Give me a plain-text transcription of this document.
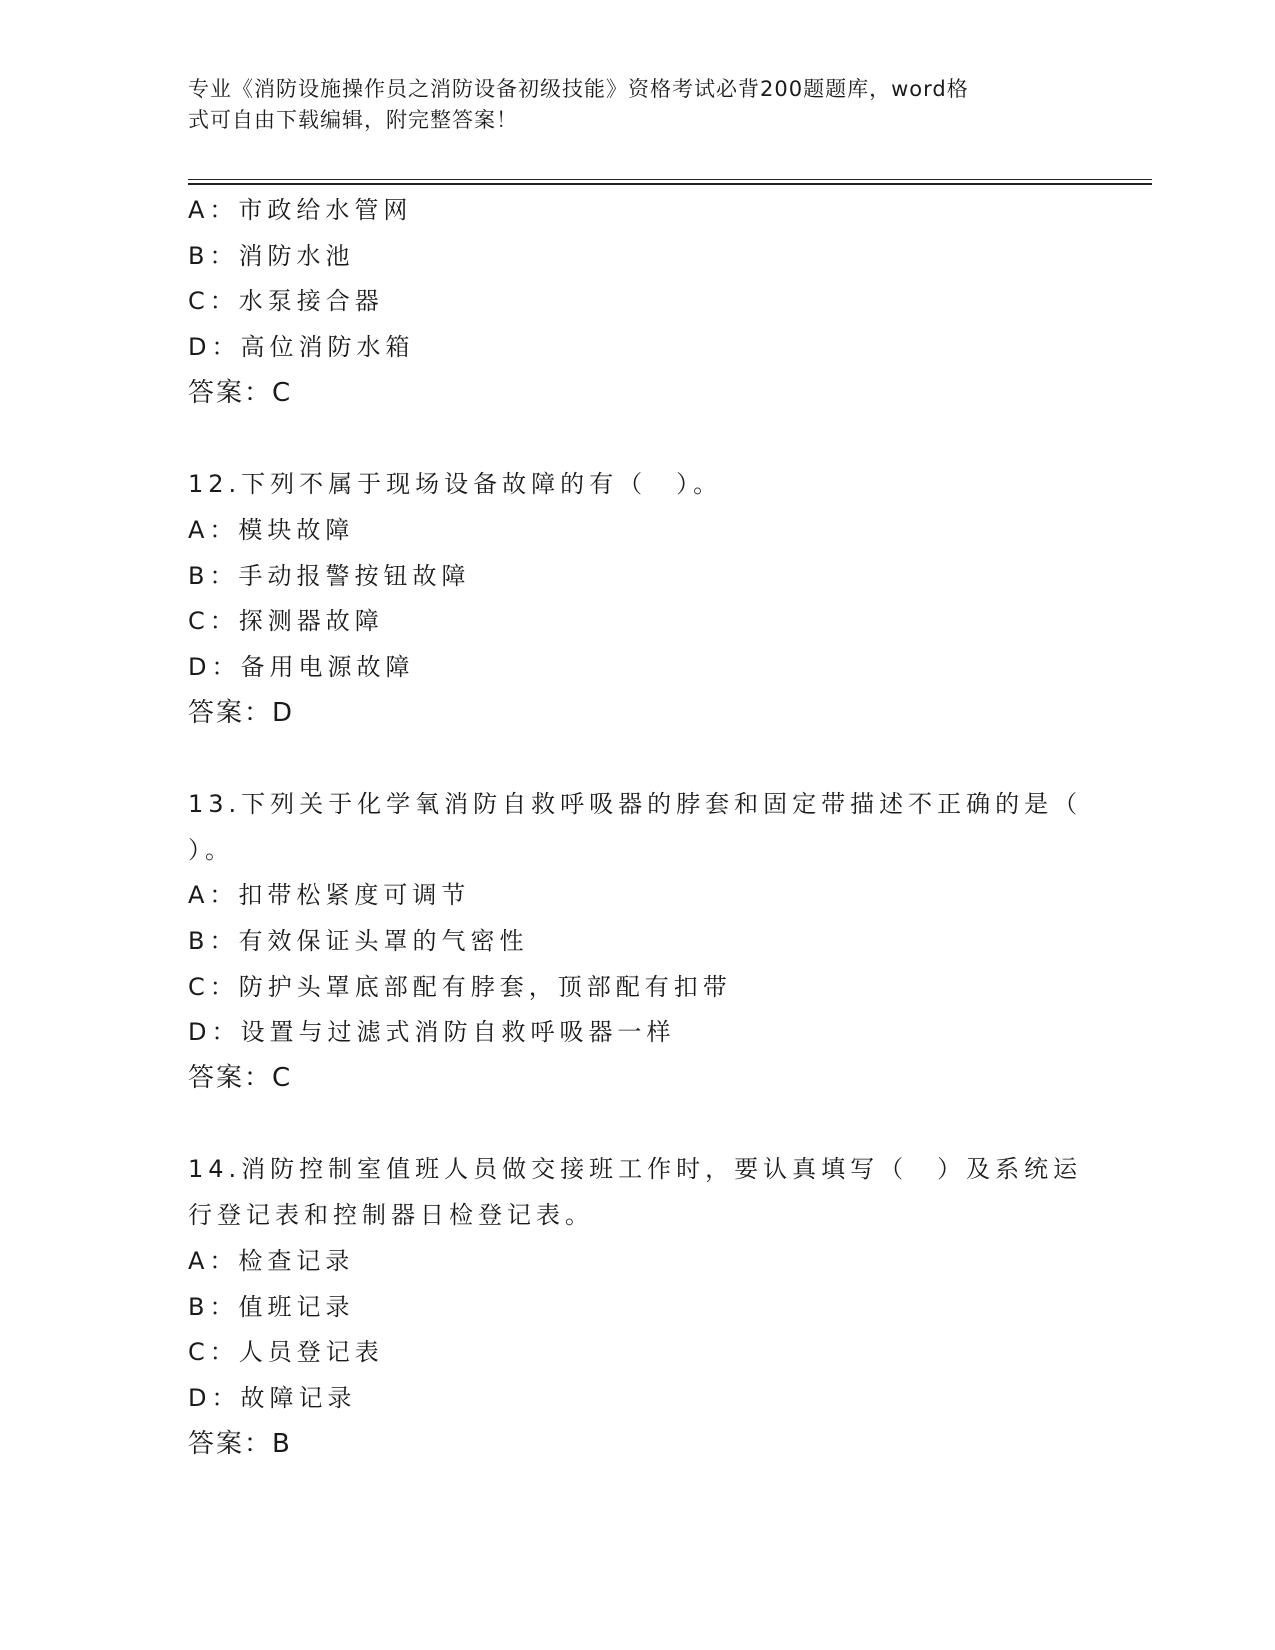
专业《消防设施操作员之消防设备初级技能》资格考试必背200题题库，word格
式可自由下载编辑，附完整答案！
A：市政给水管网
B：消防水池
C：水泵接合器
D：高位消防水箱
答案：C
12.下列不属于现场设备故障的有（　）。
A：模块故障
B：手动报警按钮故障
C：探测器故障
D：备用电源故障
答案：D
13.下列关于化学氧消防自救呼吸器的脖套和固定带描述不正确的是（
）。
A：扣带松紧度可调节
B：有效保证头罩的气密性
C：防护头罩底部配有脖套，顶部配有扣带
D：设置与过滤式消防自救呼吸器一样
答案：C
14.消防控制室值班人员做交接班工作时，要认真填写（　）及系统运
行登记表和控制器日检登记表。
A：检查记录
B：值班记录
C：人员登记表
D：故障记录
答案：B
